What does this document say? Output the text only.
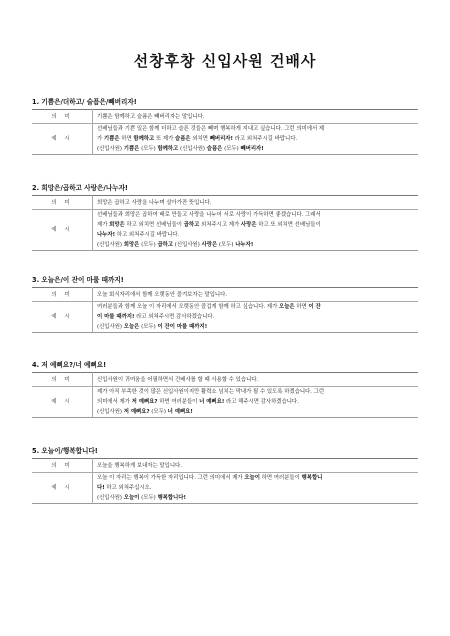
선창후창 신입사원 건배사
1. 기쁨은/더하고/ 슬픔은/빼버리자!
의 미	기쁨은 함께하고 슬픔은 빼버리자는 말입니다.
예 시	선배님들과 기쁜 일은 함께 더하고 슬픈 것들은 빼며 행복하게 지내고 싶습니다. 그런 의미에서 제
가 기쁨은 하면 함께하고 또 제가 슬픔은 외치면 빼버리자! 라고 외쳐주시길 바랍니다.
(신입사원) 기쁨은 (모두) 함께하고 (신입사원) 슬픔은 (모두) 빼버리자!
2. 희망은/곱하고 사랑은/나누자!
의 미	희망은 곱하고 사랑을 나누며 살아가잔 뜻입니다.
예 시	선배님들과 희망은 곱하여 배로 만들고 사랑을 나누어 서로 사랑이 가득하면 좋겠습니다. 그래서
제가 희망은 하고 외치면 선배님들이 곱하고 외쳐주시고 제가 사랑은 하고 또 외치면 선배님들이
나누자! 하고 외쳐주시길 바랍니다.
(신입사원) 희망은 (모두) 곱하고 (신입사원) 사랑은 (모두) 나누자!
3. 오늘은/이 잔이 마룰 때까지!
의 미	오늘 회식자리에서 함께 오랫동안 즐겨보자는 말입니다.
예 시	여러분들과 함께 오늘 이 자리에서 오랫동안 즐겁게 함께 하고 싶습니다. 제가 오늘은 하면 이 잔
이 마를 때까지! 라고 외쳐주시면 감사하겠습니다.
(신입사원) 오늘은 (모두) 이 잔이 마를 때까지!
4. 저 예뻐요?/너 예뻐요!
의 미	신입사원이 귀여움을 어필하면서 건배사를 할 때 사용할 수 있습니다.
예 시	제가 아직 부족한 것이 많은 신입사원이지만 활력소 넘치는 막내가 될 수 있도록 하겠습니다. 그런
의미에서 제가 저 예뻐요? 하면 여러분들이 너 예뻐요! 라고 해주시면 감사하겠습니다.
(신입사원) 저 예뻐요? (모두) 너 예뻐요!
5. 오늘이/행복합니다!
의 미	오늘을 행복하게 보내자는 말입니다.
예 시	오늘 이 자리는 행복이 가득한 자리입니다. 그런 의미에서 제가 오늘이 하면 여러분들이 행복합니
다! 하고 외쳐주십시오.
(신입사원) 오늘이 (모두) 행복합니다!
